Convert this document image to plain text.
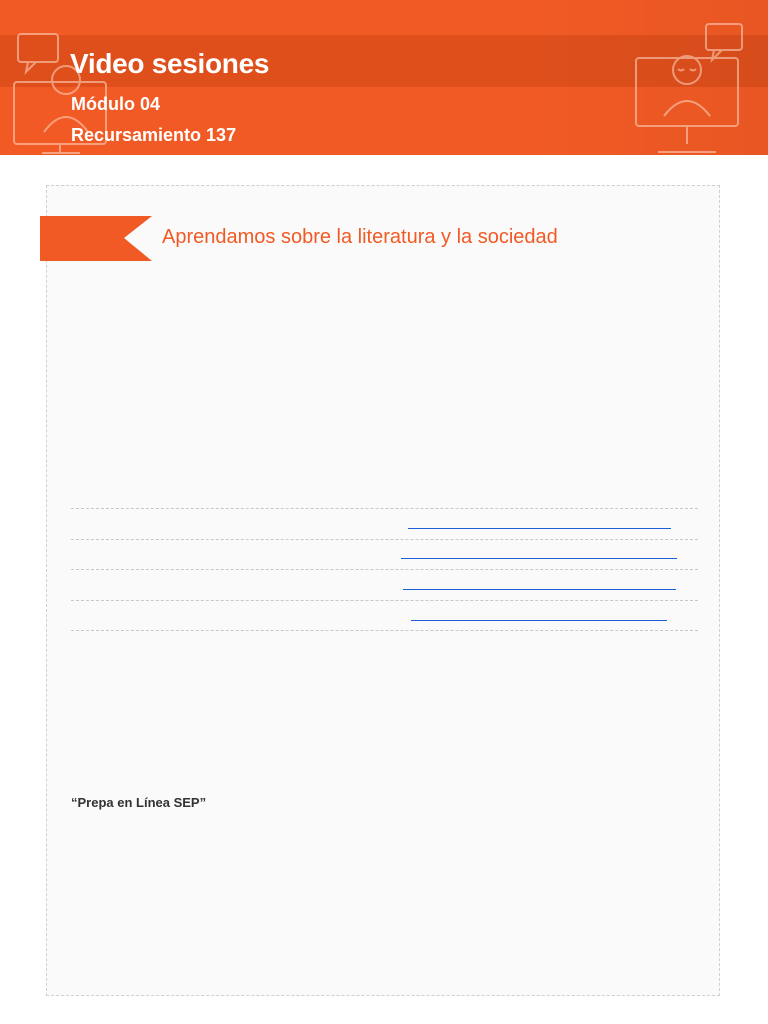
Video sesiones
Módulo 04
Recursamiento 137
Aprendamos sobre la literatura y la sociedad

“Prepa en Línea SEP”
